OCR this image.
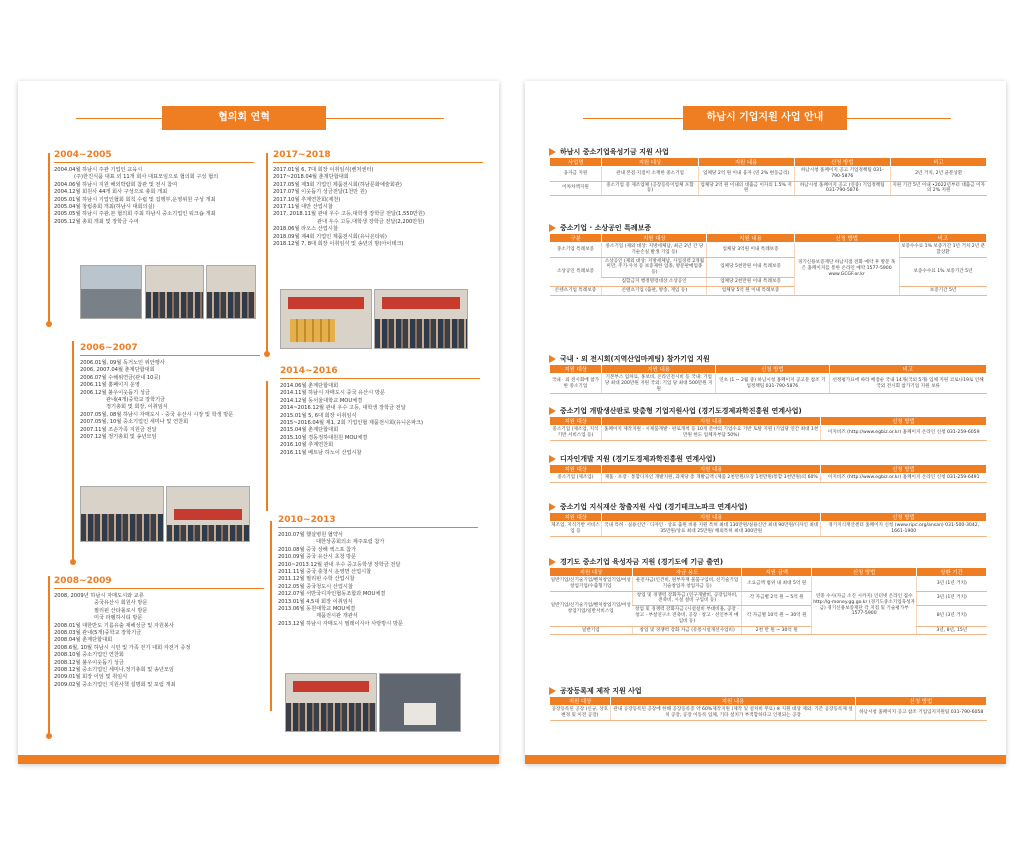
협의회 연혁
2004~2005
2004.04월 하남시 주관 기업인 교육시
(주)한진식품 대표 외 11개 회사 대표모임으로 협의회 구성 협의
2004.06월 하남시 지원 해외박람회 참관 및 전시 참여
2004.12월 회원사 44개 회사 구성으로 총회 개최
2005.01월 하남시 기업인협회 회칙 수립 및 집행부,운영위원 구성 개최
2005.04월 창립총회 개최(하남시 대회의실)
2005.05월 하남시 주관,본 협의회 주최 하남시 중소기업인 워크숍 개최
2005.12월 총회 개최 및 장학금 수여
2017~2018
2017.01월 6, 7대 회장 이취임식(벤처센터)
2017~2018.04월 춘계단합대회
2017.05월 제3회 기업인 제품전시회(하남문화예술회관)
2017.07월 이웃돕기 성금전달(1천만 원)
2017.10월 추계연찬회(제천)
2017.11월 대만 산업시찰
2017, 2018.11월 관내 우수 고등,대학생 장학금 전달(1,550만원)
관내 우수 고등,대학생 장학금 전달(2,200만원)
2018.06월 라오스 산업시찰
2018.09월 제4회 기업인 제품전시회(유니온타워)
2018.12월 7, 8대 회장 이취임식 및 송년의 밤(아이테크)
2006~2007
2006.01월, 09월 독거노인 위안행사
2006, 2007.04월 춘계단합대회
2006.07월 수해위연금(관내 10곳)
2006.11월 홈페이지 운영
2006.12월 불우이웃돕기 성금
관내(4개)중학교 장학기금
정기총회 및 회장, 이취임식
2007.05월, 08월 하남시 자매도시 - 중국 유산시 시장 및 학생 방문
2007.05월, 10월 중소기업인 세미나 및 연찬회
2007.11월 조손가족 지원금 전달
2007.12월 정기총회 및 송년모임
2014~2016
2014.06월 춘계단합대회
2014.11월 하남시 자매도시 중국 유산시 방문
2014.12월 동서울대학교 MOU체결
2014~2016.12월 관내 우수 고등, 대학생 장학금 전달
2015.01월 5, 6대 회장 이취임식
2015~2016.04월 제1, 2회 기업인협 제품전시회(유니온파크)
2015.04월 춘계단합대회
2015.10월 경동정하대원원 MOU체결
2016.10월 추계연찬회
2016.11월 베트남 하노이 산업시찰
2010~2013
2010.07월 했살병원 협약식
대한상공회의소 제주포럼 참가
2010.08월 중국 상해 엑스포 참가
2010.09월 중국 유산시 초청 방문
2010~2013.12월 관내 우수 중고등학생 장학금 전달
2011.11월 중국 충청시 운영면 산업시찰
2011.12월 필리핀 수학 산업시찰
2012.05월 중국청도시 산업시찰
2012.07월 서반국디자인협동조합과 MOU체결
2013.01월 4,5대 회장 이취임식
2013.06월 동원대학교 MOU체결
제품전시관 개관식
2013.12월 하남시 자매도시 필레이시아 사랑방시 방문
2008~2009
2008, 2009년 하남시 자매도시와 교류
중국유산시 회원사 방문
필리핀 산타롤로시 방문
미국 라펠하시티 방문
2008.01월 대한반도 기름유출 재해성금 및 자원봉사
2008.03월 관내(5개)중학교 장학기금
2008.04월 춘계단합대회
2008.6월, 10월 하남시 시민 및 가족 걷기 대회 자전거 증정
2008.10월 중소기업인 연찬회
2008.12월 불우이웃돕기 성금
2008.12월 중소기업인 세미나,정기총회 및 송년모임
2009.01월 회장 이임 및 취임식
2009.02월 중소기업인 지원사책 설명회 및 포럼 개최
하남시 기업지원 사업 안내
하남시 중소기업육성기금 지원 사업
사업명	지원 대상	지원 내용	신청 방법	비고
융자금 지원	관내 본점·지점이 소재한 중소기업	업체당 2억 원 이내 융자 (연 2% 변동금리)	하남시청 홈페이지 공고 기업정책팀 031-790-5876	2년 거치, 2년 균분상환
이차차액지원	중소기업 중 제조업체 (공장등록이업체 포함 등)	업체당 2억 원 이내의 대출금 이자의 1.5% 지원	하남시청 홈페이지 공고 (연중) 기업정책팀 031-790-5876	지원 기간 5년 이내 •2022년부터 대출금 이자의 2% 지원
중소기업 · 소상공인 특례보증
구분	지원 대상	지원 내용	신청 방법	비고
중소기업 특례보증	중소기업 (제외 대상: 지방세체납, 최근 2년 간 당기순손실 발생 기업 등)	업체당 3억원 이내 특례보증	경기신용보증재단 하남지점 전화 예약 후 방문 혹은 홈페이지를 통한 온라인 예약 1577-5900 www.GCGF.or.kr	보증수수료 1% 보증기간 1년 거치 2년 분할상환
소상공인 특례보증	소상공인 (제외 대상: 지방세체납, 사업경력 2개월 미만, 주기·사치 등 보증제한 업종, 방문판매업종 등)	업체당 5천만원 이내 특례보증		보증수수료 1% 보증기간 5년
	집합금지 행정명령대상 소상공인	업체당 2천만원 이내 특례보증		
콘텐츠기업 특례보증	콘텐츠기업 (출판, 방송, 게임 등)	업체당 5억 원 이내 특례보증		보증기간 5년
국내 · 외 전시회(지역산업마케팅) 참가기업 지원
지원 대상	지원 내용	신청 방법	비고
국내 · 외 전시회에 참가한 중소기업	기본부스 임차료, 홍보비, 온라인전시비 등 국내: 기업 당 최대 200만원 지원 국외: 기업 당 최대 500만원 지원	연초 (1 ~ 2월 중) 하남시청 홈페이지 공고문 참조 기업정책팀 031-790-5876	선정평가표에 따라 배점순 국내 14개(국외 5개) 업체 지원 코로나19로 인해 국외 전시회 참가기업 지원 보류
중소기업 개발생산판로 맞춤형 기업지원사업 (경기도경제과학진흥원 연계사업)
지원 대상	지원 내용	신청 방법
중소기업 (제조업, 지식기반 서비스업 등)	홈페이지 제작지원 · 시제품개발 · 판로개척 등 10개 분야의 기업수요 기반 토탈 지원 (기업당 연간 최대 1천만원 한도 업체자부담 50%)	이지비즈 (http://www.egbiz.or.kr) 홈페이지 온라인 신청 031-259-6059
디자인개발 지원 (경기도경제과학진흥원 연계사업)
지원 대상	지원 내용	신청 방법
중소기업 (제조업)	제품 · 포장 · 통합디자인 개발지원, 과제당 총 개발금액 (제품 2천만원/포장 1천만원/통합 3천만원)의 60%	이지비즈 (http://www.egbiz.or.kr) 홈페이지 온라인 신청 031-259-6491
중소기업 지식재산 창출지원 사업 (경기테크노파크 연계사업)
지원 대상	지원 내용	신청 방법
제조업, 지식기반 서비스업 등	국내 특허 · 실용신안 · 디자인 · 상표 출원 비용 지원 특허 최대 130만원/실용신안 최대 90만원/디자인 최대 35만원/상표 최대 25만원/ 해외특허 최대 300만원	경기지식재산센터 홈페이지 신청 (www.ripc.org/ansan) 031-500-3042, 1661-1900
경기도 중소기업 육성자금 지원 (경기도에 기금 출연)
지원 대상	자금 용도	지원 금액	신청 방법	상환 기간
일반기업/신기술기업/벤처창업기업/여성창업기업/수출형기업	운전자금(인건비, 원부자재 물품구입비, 신기술기업 기술창업자 창업자금 등)	소요금액 범위 내 최대 5억 원	연중 수시(자금 소진 시까지) 인터넷 온라인 접수 http://g-money.gg.go.kr (경기도중소기업육성자금) 경기신용보증재단 각 지점 및 기술평가부 1577-5900	3년 (1년 거치)
일반기업/신기술기업/벤처창업기업/여성창업기업/일반서비스업	창업 및 경쟁력 강화자금 (연구개발비, 공장임차비, 전축비, 시설 설비 구입비 등)	각 자금별 2억 원 ~ 5억 원		3년 (1년 거치)
	창업 및 경쟁력 강화자금 (시설설비 부대비용, 공장 · 창고 · 부설연구소 전축비, 공장 · 창고 · 선인부지 매입비 등)	각 자금별 10억 원 ~ 30억 원		8년 (3년 거치)
일반기업	창업 및 경쟁력 강화 자금 (유통시설개선사업비)	2천 만 원 ~ 30억 원		3년, 8년, 15년
공장등록제 제작 지원 사업
지원 대상	지원 내용	신청 방법
공장등록된 공장 (신규, 상호변경 및 이전 공장)	관내 공장등록된 공장에 한해 공장등록증 약 60%제작지원 (제작 및 설치비 무료) ※ 지원 대상 제외: 기존 공장등록제 설치 공장, 공장 이동록 업체, 기타 설치가 부적합하다고 인정되는 공장	하남시청 홈페이지 공고 참조 기업입지지원팀 031-790-6058
